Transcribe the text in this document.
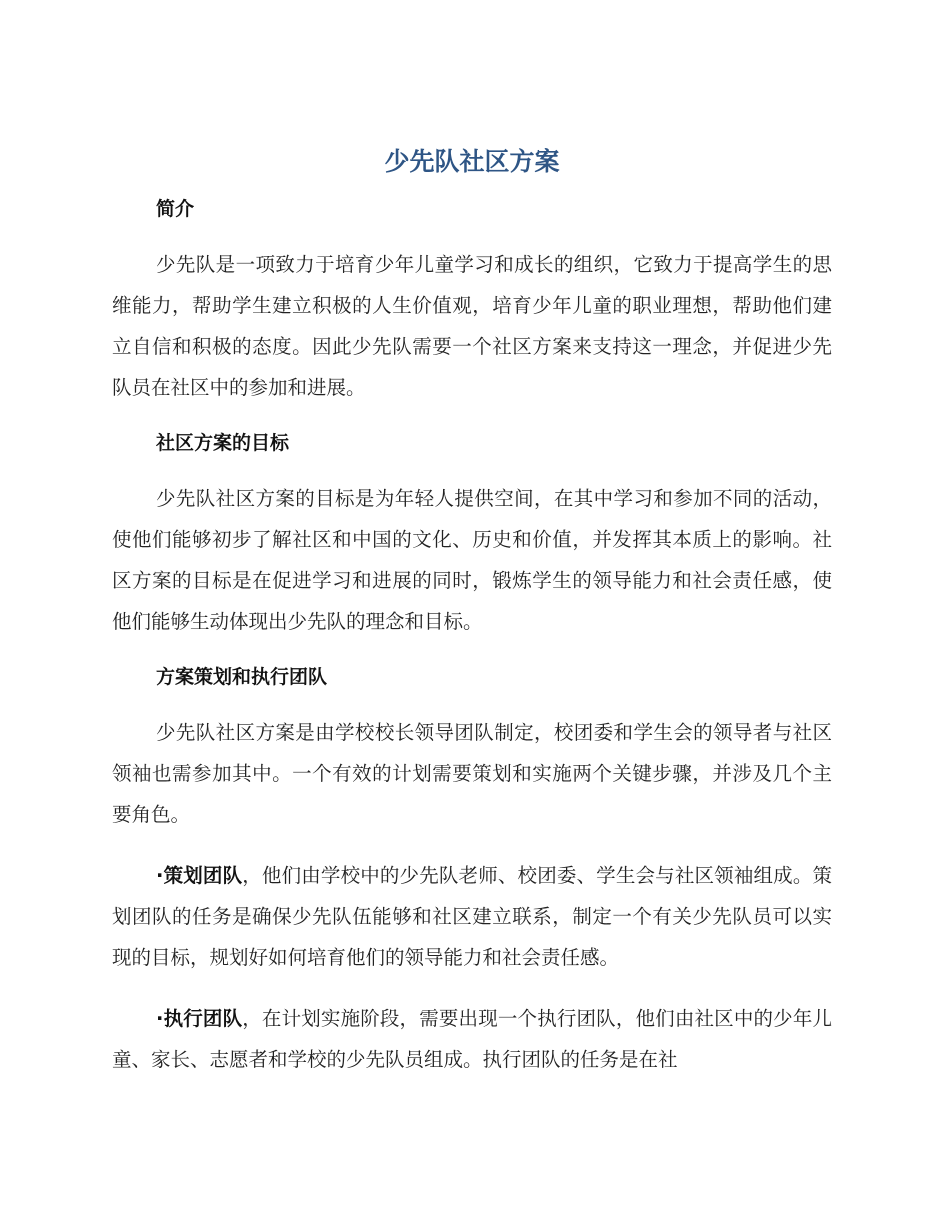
少先队社区方案
简介

少先队是一项致力于培育少年儿童学习和成长的组织，它致力于提高学生的思维能力，帮助学生建立积极的人生价值观，培育少年儿童的职业理想，帮助他们建立自信和积极的态度。因此少先队需要一个社区方案来支持这一理念，并促进少先队员在社区中的参加和进展。

社区方案的目标

少先队社区方案的目标是为年轻人提供空间，在其中学习和参加不同的活动，使他们能够初步了解社区和中国的文化、历史和价值，并发挥其本质上的影响。社区方案的目标是在促进学习和进展的同时，锻炼学生的领导能力和社会责任感，使他们能够生动体现出少先队的理念和目标。

方案策划和执行团队

少先队社区方案是由学校校长领导团队制定，校团委和学生会的领导者与社区领袖也需参加其中。一个有效的计划需要策划和实施两个关键步骤，并涉及几个主要角色。

·策划团队，他们由学校中的少先队老师、校团委、学生会与社区领袖组成。策划团队的任务是确保少先队伍能够和社区建立联系，制定一个有关少先队员可以实现的目标，规划好如何培育他们的领导能力和社会责任感。

·执行团队，在计划实施阶段，需要出现一个执行团队，他们由社区中的少年儿童、家长、志愿者和学校的少先队员组成。执行团队的任务是在社
